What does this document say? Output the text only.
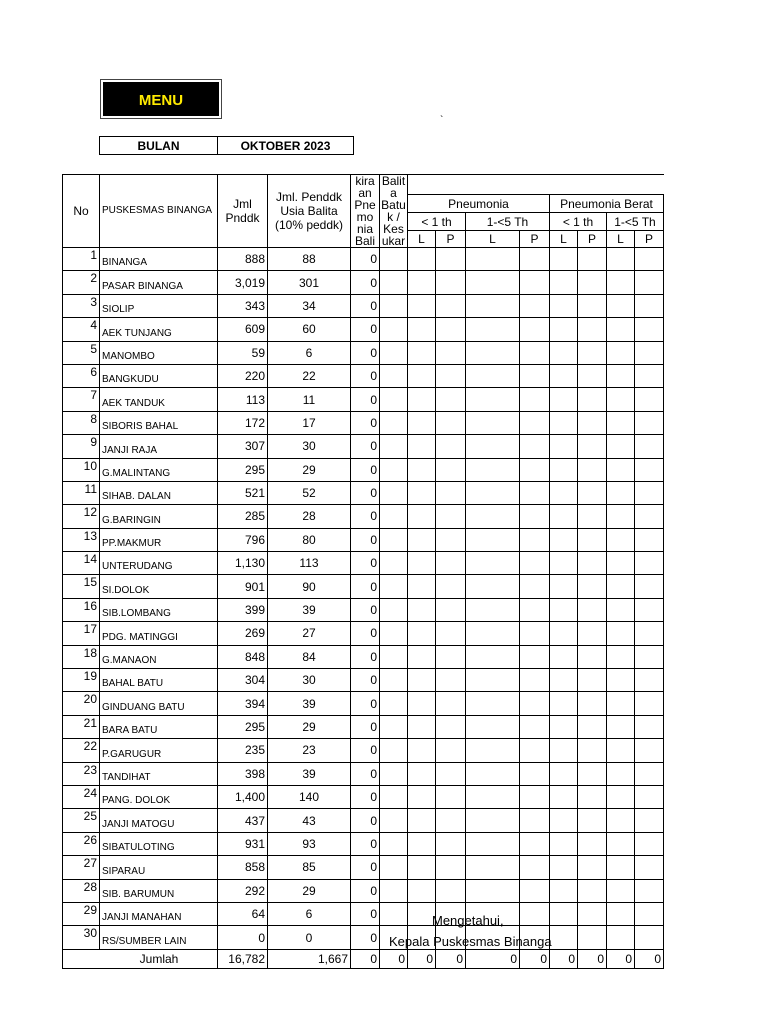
MENU
`
BULAN	OKTOBER 2023
No	PUSKESMAS BINANGA	Jml Pnddk	Jml. Penddk Usia Balita (10% peddk)	kira an Pne mo nia Bali	Balit a Batu k / Kes ukar								
						Pneumonia				Pneumonia Berat			
						< 1 th		1-<5 Th		< 1 th		1-<5 Th	
						L	P	L	P	L	P	L	P
1	BINANGA	888	88	0									
2	PASAR BINANGA	3,019	301	0									
3	SIOLIP	343	34	0									
4	AEK TUNJANG	609	60	0									
5	MANOMBO	59	6	0									
6	BANGKUDU	220	22	0									
7	AEK TANDUK	113	11	0									
8	SIBORIS BAHAL	172	17	0									
9	JANJI RAJA	307	30	0									
10	G.MALINTANG	295	29	0									
11	SIHAB. DALAN	521	52	0									
12	G.BARINGIN	285	28	0									
13	PP.MAKMUR	796	80	0									
14	UNTERUDANG	1,130	113	0									
15	SI.DOLOK	901	90	0									
16	SIB.LOMBANG	399	39	0									
17	PDG. MATINGGI	269	27	0									
18	G.MANAON	848	84	0									
19	BAHAL BATU	304	30	0									
20	GINDUANG BATU	394	39	0									
21	BARA BATU	295	29	0									
22	P.GARUGUR	235	23	0									
23	TANDIHAT	398	39	0									
24	PANG. DOLOK	1,400	140	0									
25	JANJI MATOGU	437	43	0									
26	SIBATULOTING	931	93	0									
27	SIPARAU	858	85	0									
28	SIB. BARUMUN	292	29	0									
29	JANJI MANAHAN	64	6	0									
30	RS/SUMBER LAIN	0	0	0									
Jumlah		16,782	1,667	0	0	0	0	0	0	0	0	0	0
Mengetahui,
Kepala Puskesmas Binanga
